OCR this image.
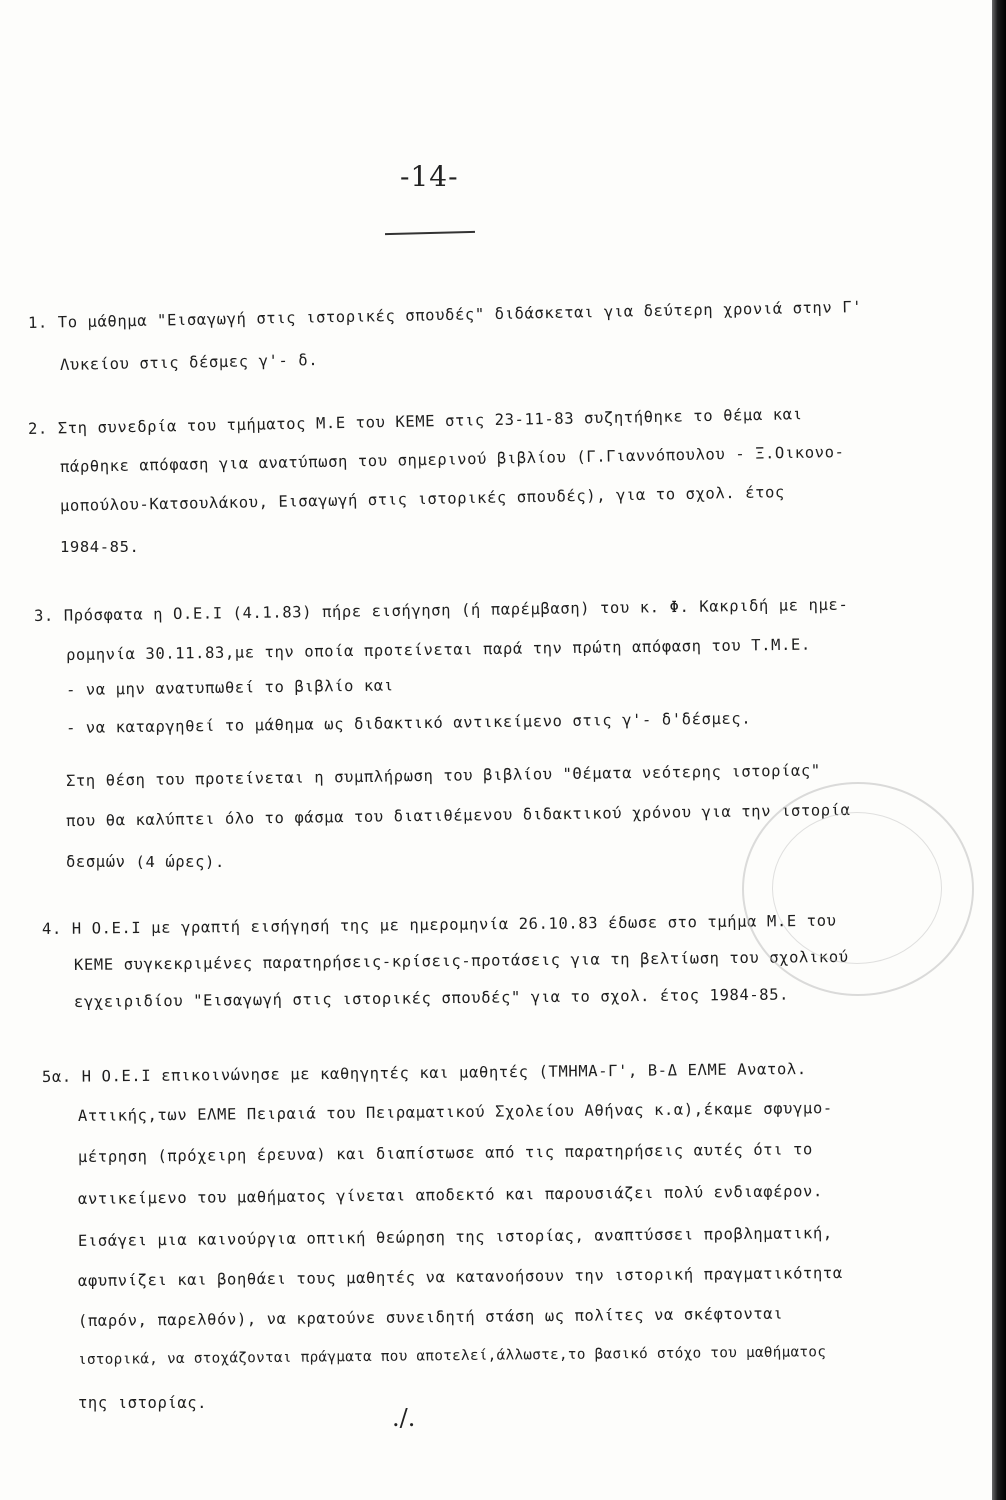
-14-
1. Το μάθημα "Εισαγωγή στις ιστορικές σπουδές" διδάσκεται για δεύτερη χρονιά στην Γ'
Λυκείου στις δέσμες γ'- δ.
2. Στη συνεδρία του τμήματος Μ.Ε του ΚΕΜΕ στις 23-11-83 συζητήθηκε το θέμα και
πάρθηκε απόφαση για ανατύπωση του σημερινού βιβλίου (Γ.Γιαννόπουλου - Ξ.Οικονο-
μοπούλου-Κατσουλάκου, Εισαγωγή στις ιστορικές σπουδές), για το σχολ. έτος
1984-85.
3. Πρόσφατα η Ο.Ε.Ι (4.1.83) πήρε εισήγηση (ή παρέμβαση) του κ. Φ. Κακριδή με ημε-
ρομηνία 30.11.83,με την οποία προτείνεται παρά την πρώτη απόφαση του Τ.Μ.Ε.
- να μην ανατυπωθεί το βιβλίο και
- να καταργηθεί το μάθημα ως διδακτικό αντικείμενο στις γ'- δ'δέσμες.
Στη θέση του προτείνεται η συμπλήρωση του βιβλίου "Θέματα νεότερης ιστορίας"
που θα καλύπτει όλο το φάσμα του διατιθέμενου διδακτικού χρόνου για την ιστορία
δεσμών (4 ώρες).
4. Η Ο.Ε.Ι με γραπτή εισήγησή της με ημερομηνία 26.10.83 έδωσε στο τμήμα Μ.Ε του
ΚΕΜΕ συγκεκριμένες παρατηρήσεις-κρίσεις-προτάσεις για τη βελτίωση του σχολικού
εγχειριδίου "Εισαγωγή στις ιστορικές σπουδές" για το σχολ. έτος 1984-85.
5α. Η Ο.Ε.Ι επικοινώνησε με καθηγητές και μαθητές (ΤΜΗΜΑ-Γ', Β-Δ ΕΛΜΕ Ανατολ.
Αττικής,των ΕΛΜΕ Πειραιά του Πειραματικού Σχολείου Αθήνας κ.α),έκαμε σφυγμο-
μέτρηση (πρόχειρη έρευνα) και διαπίστωσε από τις παρατηρήσεις αυτές ότι το
αντικείμενο του μαθήματος γίνεται αποδεκτό και παρουσιάζει πολύ ενδιαφέρον.
Εισάγει μια καινούργια οπτική θεώρηση της ιστορίας, αναπτύσσει προβληματική,
αφυπνίζει και βοηθάει τους μαθητές να κατανοήσουν την ιστορική πραγματικότητα
(παρόν, παρελθόν), να κρατούνε συνειδητή στάση ως πολίτες να σκέφτονται
ιστορικά, να στοχάζονται πράγματα που αποτελεί,άλλωστε,το βασικό στόχο του μαθήματος
της ιστορίας.
./.
